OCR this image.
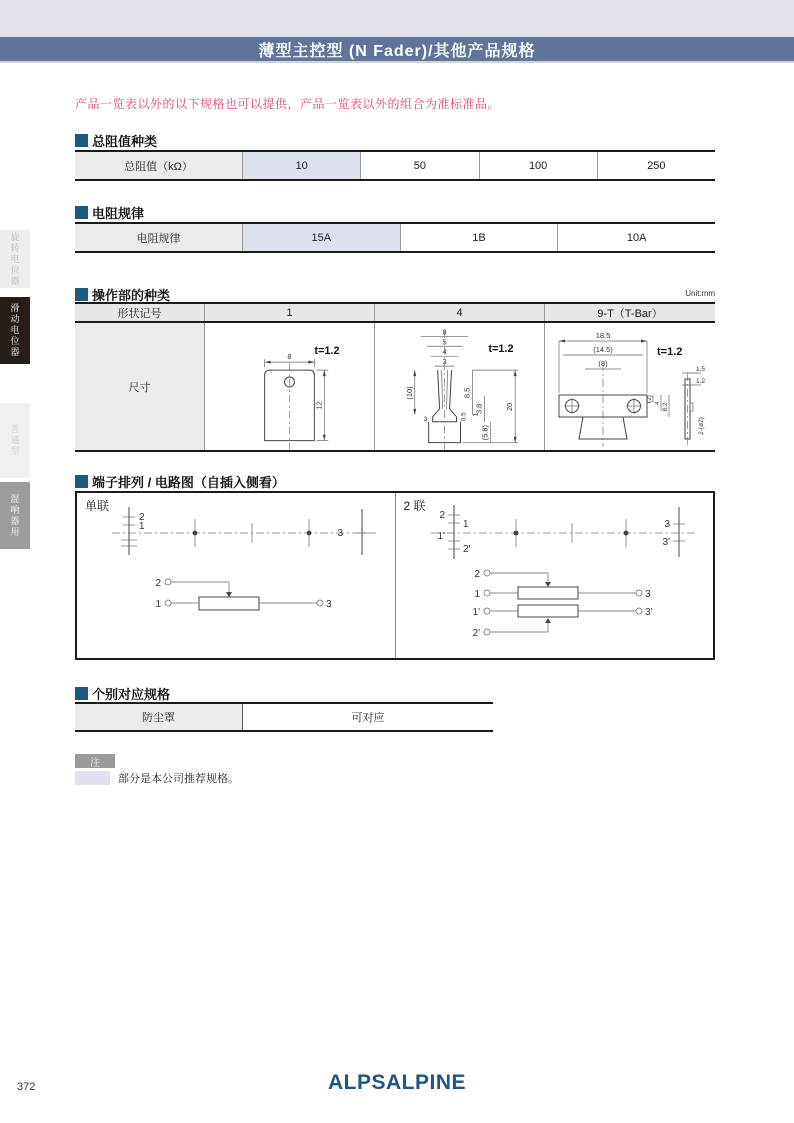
薄型主控型 (N Fader)/其他产品规格
旋转电位器
滑动电位器
普通型
混响器用
产品一览表以外的以下规格也可以提供，产品一览表以外的组合为准标准品。
总阻值种类
总阻值（kΩ）	10	50	100	250
电阻规律
电阻规律	15A	1B	10A
操作部的种类	Unit:mm
形状记号	1	4	9-T（T-Bar）
尺寸
t=1.2
8
12
t=1.2
8
5
4
3
(10)
3
8.5
3.8
1
0.5
(5.8)
20
t=1.2
18.5
(14.5)
(8)
(2)
4 8.2
1.5
1.2
2-(ø2)
端子排列 / 电路图（自插入侧看）
单联
2
1
3
2
1	3
2 联
2
1
1'
2'
3
3'
2
1	3
1'	3'
2'
个别对应规格
防尘罩	可对应
注
部分是本公司推荐规格。
372	ALPSALPINE
